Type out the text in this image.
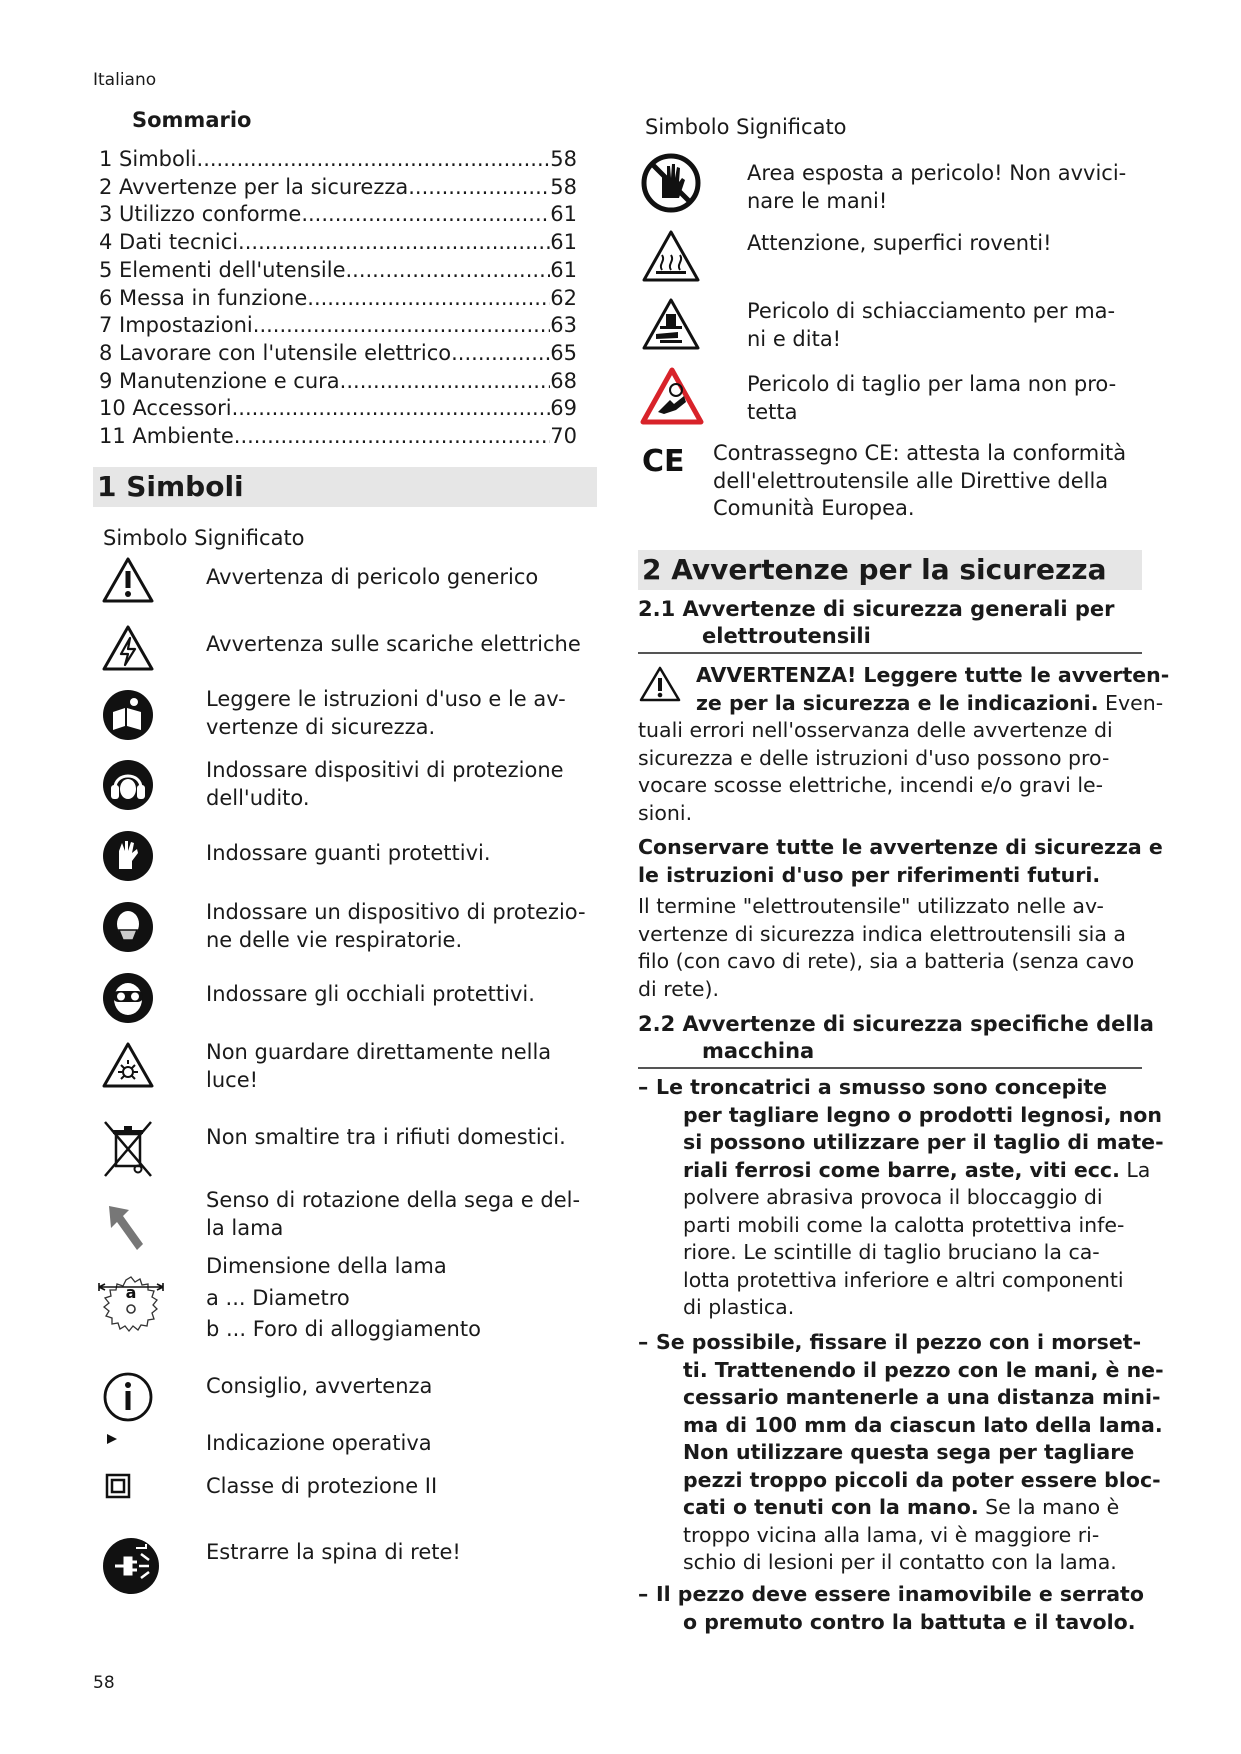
Italiano
58
Sommario
1 Simboli .....	58
2 Avvertenze per la sicurezza .....	58
3 Utilizzo conforme .....	61
4 Dati tecnici .....	61
5 Elementi dell'utensile .....	61
6 Messa in funzione .....	62
7 Impostazioni .....	63
8 Lavorare con l'utensile elettrico .....	65
9 Manutenzione e cura .....	68
10 Accessori .....	69
11 Ambiente .....	70
1 Simboli
Simbolo Significato
Avvertenza di pericolo generico
Avvertenza sulle scariche elettriche
Leggere le istruzioni d'uso e le av-
vertenze di sicurezza.
Indossare dispositivi di protezione
dell'udito.
Indossare guanti protettivi.
Indossare un dispositivo di protezio-
ne delle vie respiratorie.
Indossare gli occhiali protettivi.
Non guardare direttamente nella
luce!
Non smaltire tra i rifiuti domestici.
Senso di rotazione della sega e del-
la lama
a
Dimensione della lama
a ... Diametro
b ... Foro di alloggiamento
Consiglio, avvertenza
Indicazione operativa
Classe di protezione II
Estrarre la spina di rete!
Simbolo Significato
Area esposta a pericolo! Non avvici-
nare le mani!
Attenzione, superfici roventi!
Pericolo di schiacciamento per ma-
ni e dita!
Pericolo di taglio per lama non pro-
tetta
CE Contrassegno CE: attesta la conformità
dell'elettroutensile alle Direttive della
Comunità Europea.
2 Avvertenze per la sicurezza
2.1 Avvertenze di sicurezza generali per
elettroutensili
AVVERTENZA! Leggere tutte le avverten-
ze per la sicurezza e le indicazioni. Even-
tuali errori nell'osservanza delle avvertenze di
sicurezza e delle istruzioni d'uso possono pro-
vocare scosse elettriche, incendi e/o gravi le-
sioni.
Conservare tutte le avvertenze di sicurezza e
le istruzioni d'uso per riferimenti futuri.
Il termine "elettroutensile" utilizzato nelle av-
vertenze di sicurezza indica elettroutensili sia a
filo (con cavo di rete), sia a batteria (senza cavo
di rete).
2.2 Avvertenze di sicurezza specifiche della
macchina
– Le troncatrici a smusso sono concepite
per tagliare legno o prodotti legnosi, non
si possono utilizzare per il taglio di mate-
riali ferrosi come barre, aste, viti ecc. La
polvere abrasiva provoca il bloccaggio di
parti mobili come la calotta protettiva infe-
riore. Le scintille di taglio bruciano la ca-
lotta protettiva inferiore e altri componenti
di plastica.
– Se possibile, fissare il pezzo con i morset-
ti. Trattenendo il pezzo con le mani, è ne-
cessario mantenerle a una distanza mini-
ma di 100 mm da ciascun lato della lama.
Non utilizzare questa sega per tagliare
pezzi troppo piccoli da poter essere bloc-
cati o tenuti con la mano. Se la mano è
troppo vicina alla lama, vi è maggiore ri-
schio di lesioni per il contatto con la lama.
– Il pezzo deve essere inamovibile e serrato
o premuto contro la battuta e il tavolo.
